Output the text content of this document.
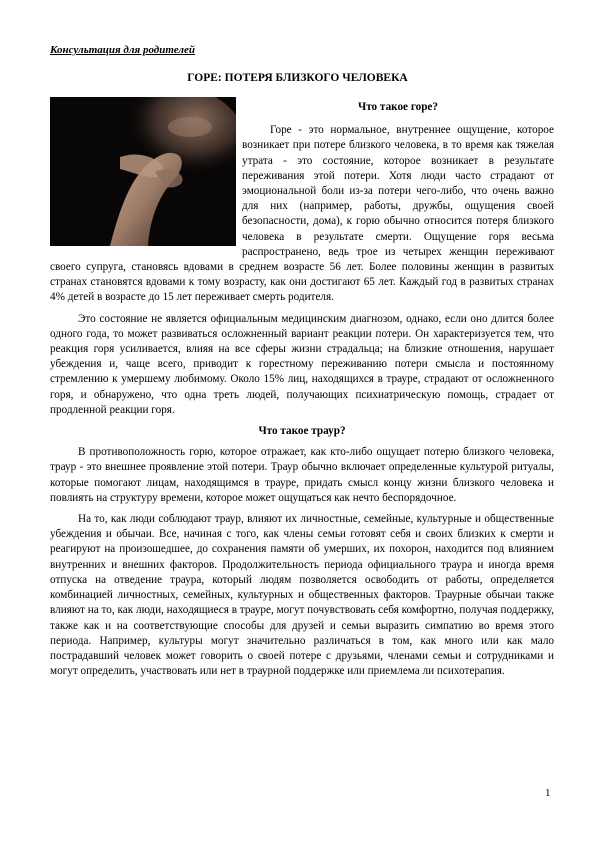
Консультация для родителей
ГОРЕ: ПОТЕРЯ БЛИЗКОГО ЧЕЛОВЕКА
Что такое горе?

Горе - это нормальное, внутреннее ощущение, которое возникает при потере близкого человека, в то время как тяжелая утрата - это состояние, которое возникает в результате переживания этой потери. Хотя люди часто страдают от эмоциональной боли из-за потери чего-либо, что очень важно для них (например, работы, дружбы, ощущения своей безопасности, дома), к горю обычно относится потеря близкого человека в результате смерти. Ощущение горя весьма распространено, ведь трое из четырех женщин переживают своего супруга, становясь вдовами в среднем возрасте 56 лет. Более половины женщин в развитых странах становятся вдовами к тому возрасту, как они достигают 65 лет. Каждый год в развитых странах 4% детей в возрасте до 15 лет переживает смерть родителя.

Это состояние не является официальным медицинским диагнозом, однако, если оно длится более одного года, то может развиваться осложненный вариант реакции потери. Он характеризуется тем, что реакция горя усиливается, влияя на все сферы жизни страдальца; на близкие отношения, нарушает убеждения и, чаще всего, приводит к горестному переживанию потери смысла и постоянному стремлению к умершему любимому. Около 15% лиц, находящихся в трауре, страдают от осложненного горя, и обнаружено, что одна треть людей, получающих психиатрическую помощь, страдает от продленной реакции горя.

Что такое траур?

В противоположность горю, которое отражает, как кто-либо ощущает потерю близкого человека, траур - это внешнее проявление этой потери. Траур обычно включает определенные культурой ритуалы, которые помогают лицам, находящимся в трауре, придать смысл концу жизни близкого человека и повлиять на структуру времени, которое может ощущаться как нечто беспорядочное.

На то, как люди соблюдают траур, влияют их личностные, семейные, культурные и общественные убеждения и обычаи. Все, начиная с того, как члены семьи готовят себя и своих близких к смерти и реагируют на произошедшее, до сохранения памяти об умерших, их похорон, находится под влиянием внутренних и внешних факторов. Продолжительность периода официального траура и иногда время отпуска на отведение траура, который людям позволяется освободить от работы, определяется комбинацией личностных, семейных, культурных и общественных факторов. Траурные обычаи также влияют на то, как люди, находящиеся в трауре, могут почувствовать себя комфортно, получая поддержку, также как и на соответствующие способы для друзей и семьи выразить симпатию во время этого периода. Например, культуры могут значительно различаться в том, как много или как мало пострадавший человек может говорить о своей потере с друзьями, членами семьи и сотрудниками и могут определить, участвовать или нет в траурной поддержке или приемлема ли психотерапия.

1
